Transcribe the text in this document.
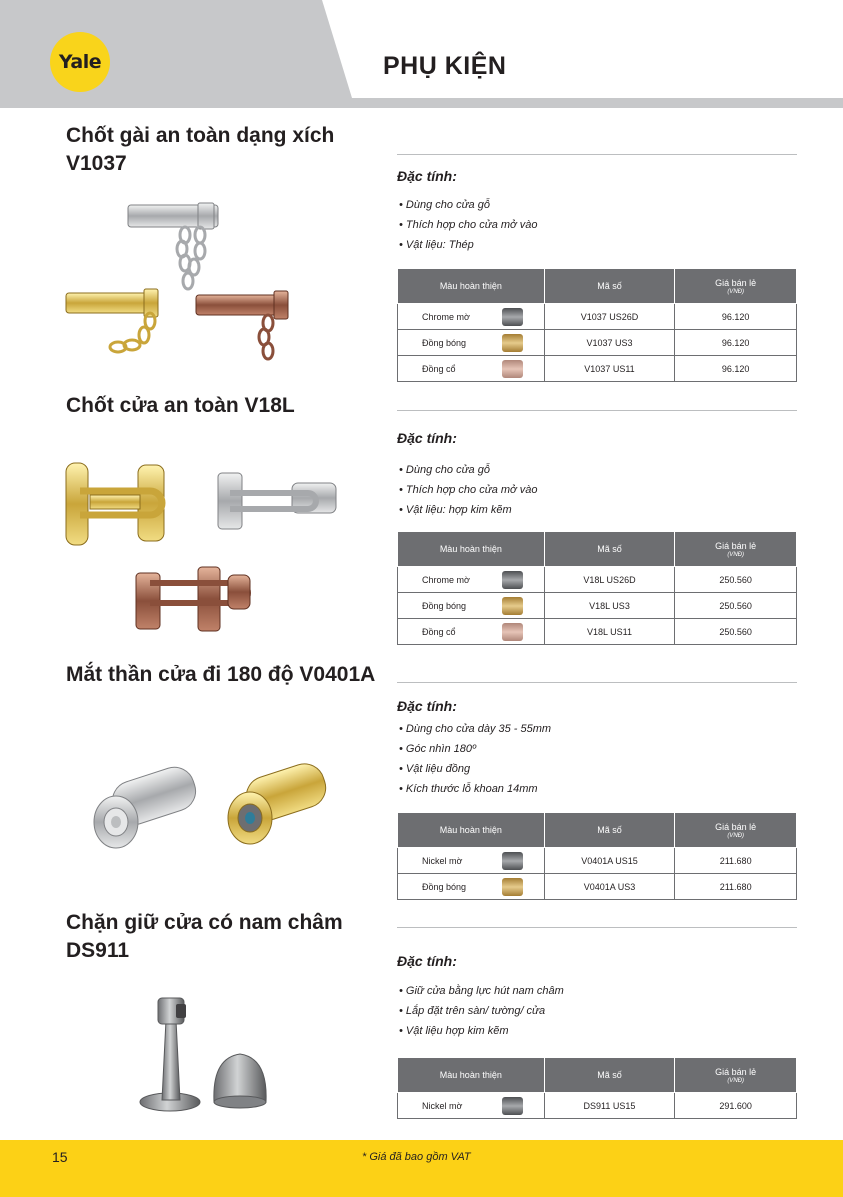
Yale	PHỤ KIỆN
Chốt gài an toàn dạng xích V1037
Đặc tính:
• Dùng cho cửa gỗ
• Thích hợp cho cửa mở vào
• Vật liệu: Thép
Màu hoàn thiện	Mã số	Giá bán lẻ
(VNĐ)

Chrome mờ	V1037 US26D	96.120
Đồng bóng	V1037 US3	96.120
Đồng cổ	V1037 US11	96.120
Chốt cửa an toàn V18L
Đặc tính:
• Dùng cho cửa gỗ
• Thích hợp cho cửa mở vào
• Vật liệu: hợp kim kẽm
Màu hoàn thiện	Mã số	Giá bán lẻ
(VNĐ)

Chrome mờ	V18L US26D	250.560
Đồng bóng	V18L US3	250.560
Đồng cổ	V18L US11	250.560
Mắt thần cửa đi 180 độ V0401A
Đặc tính:
• Dùng cho cửa dày 35 - 55mm
• Góc nhìn 180º
• Vật liệu đồng
• Kích thước lỗ khoan 14mm
Màu hoàn thiện	Mã số	Giá bán lẻ
(VNĐ)

Nickel mờ	V0401A US15	211.680
Đồng bóng	V0401A US3	211.680
Chặn giữ cửa có nam châm DS911	Đặc tính:
• Giữ cửa bằng lực hút nam châm
• Lắp đặt trên sàn/ tường/ cửa
• Vật liệu hợp kim kẽm
Màu hoàn thiện	Mã số	Giá bán lẻ
(VNĐ)

Nickel mờ	DS911 US15	291.600
15	* Giá đã bao gồm VAT
